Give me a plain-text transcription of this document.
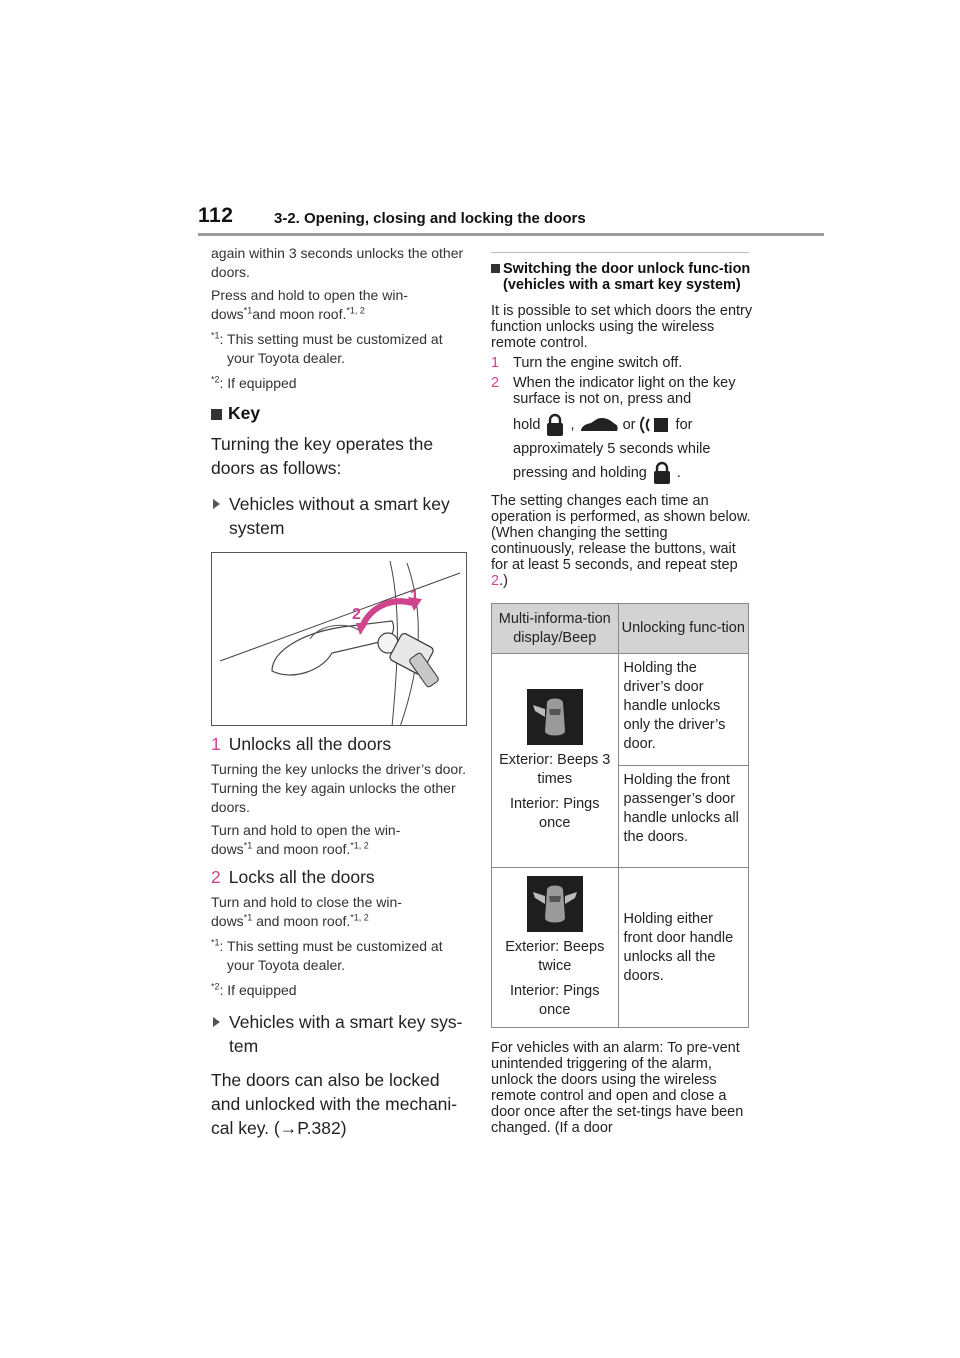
112	3-2. Opening, closing and locking the doors

again within 3 seconds unlocks the other doors.

Press and hold to open the win-
dows$^{*1}$and moon roof.$^{*1, 2}$

$^{*1}$: This setting must be customized at your Toyota dealer.

$^{*2}$: If equipped

Key

Turning the key operates the doors as follows:

Vehicles without a smart key system
1
2

1 Unlocks all the doors

Turning the key unlocks the driver’s door. Turning the key again unlocks the other doors.

Turn and hold to open the win-
dows$^{*1}$ and moon roof.$^{*1, 2}$

2 Locks all the doors

Turn and hold to close the win-
dows$^{*1}$ and moon roof.$^{*1, 2}$

$^{*1}$: This setting must be customized at your Toyota dealer.

$^{*2}$: If equipped

Vehicles with a smart key sys-tem

The doors can also be locked and unlocked with the mechani-cal key. (→P.382)

Switching the door unlock func-tion (vehicles with a smart key system)

It is possible to set which doors the entry function unlocks using the wireless remote control.

1 Turn the engine switch off.

2 When the indicator light on the key surface is not on, press and
hold ,	or	for
approximately 5 seconds while
pressing and holding .

The setting changes each time an operation is performed, as shown below. (When changing the setting continuously, release the buttons, wait for at least 5 seconds, and repeat step 2.)

Multi-informa-tion display/Beep	Unlocking func-tion

Exterior: Beeps 3 times

Interior: Pings once	Holding the driver’s door handle unlocks only the driver’s door.
	Holding the front passenger’s door handle unlocks all the doors.

Exterior: Beeps twice

Interior: Pings once	Holding either front door handle unlocks all the doors.

For vehicles with an alarm: To pre-vent unintended triggering of the alarm, unlock the doors using the wireless remote control and open and close a door once after the set-tings have been changed. (If a door
